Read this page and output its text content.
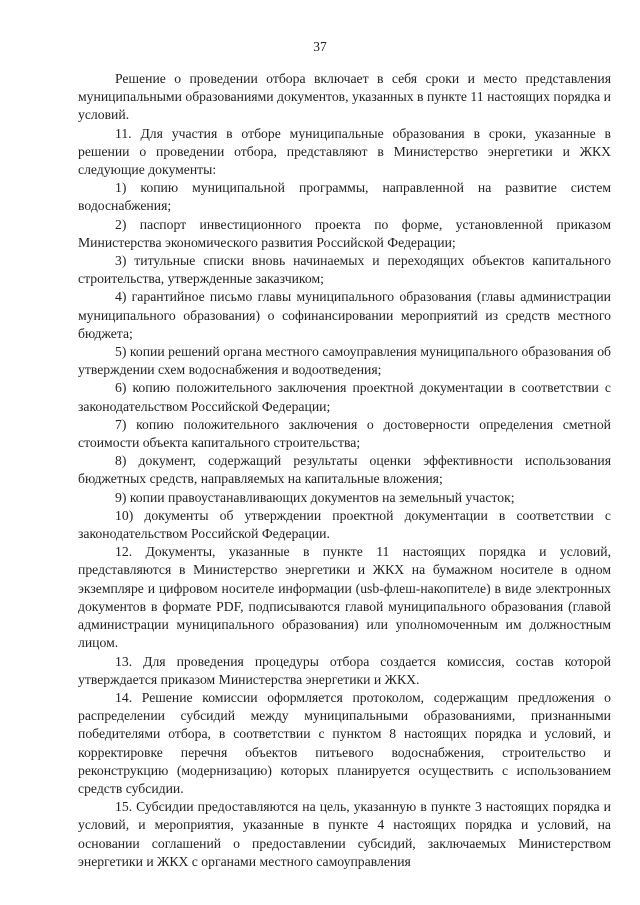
37

Решение о проведении отбора включает в себя сроки и место представления муниципальными образованиями документов, указанных в пункте 11 настоящих порядка и условий.

11. Для участия в отборе муниципальные образования в сроки, указанные в решении о проведении отбора, представляют в Министерство энергетики и ЖКХ следующие документы:

1) копию муниципальной программы, направленной на развитие систем водоснабжения;

2) паспорт инвестиционного проекта по форме, установленной приказом Министерства экономического развития Российской Федерации;

3) титульные списки вновь начинаемых и переходящих объектов капитального строительства, утвержденные заказчиком;

4) гарантийное письмо главы муниципального образования (главы администрации муниципального образования) о софинансировании мероприятий из средств местного бюджета;

5) копии решений органа местного самоуправления муниципального образования об утверждении схем водоснабжения и водоотведения;

6) копию положительного заключения проектной документации в соответствии с законодательством Российской Федерации;

7) копию положительного заключения о достоверности определения сметной стоимости объекта капитального строительства;

8) документ, содержащий результаты оценки эффективности использования бюджетных средств, направляемых на капитальные вложения;

9) копии правоустанавливающих документов на земельный участок;

10) документы об утверждении проектной документации в соответствии с законодательством Российской Федерации.

12. Документы, указанные в пункте 11 настоящих порядка и условий, представляются в Министерство энергетики и ЖКХ на бумажном носителе в одном экземпляре и цифровом носителе информации (usb-флеш-накопителе) в виде электронных документов в формате PDF, подписываются главой муниципального образования (главой администрации муниципального образования) или уполномоченным им должностным лицом.

13. Для проведения процедуры отбора создается комиссия, состав которой утверждается приказом Министерства энергетики и ЖКХ.

14. Решение комиссии оформляется протоколом, содержащим предложения о распределении субсидий между муниципальными образованиями, признанными победителями отбора, в соответствии с пунктом 8 настоящих порядка и условий, и корректировке перечня объектов питьевого водоснабжения, строительство и реконструкцию (модернизацию) которых планируется осуществить с использованием средств субсидии.

15. Субсидии предоставляются на цель, указанную в пункте 3 настоящих порядка и условий, и мероприятия, указанные в пункте 4 настоящих порядка и условий, на основании соглашений о предоставлении субсидий, заключаемых Министерством энергетики и ЖКХ с органами местного самоуправления
